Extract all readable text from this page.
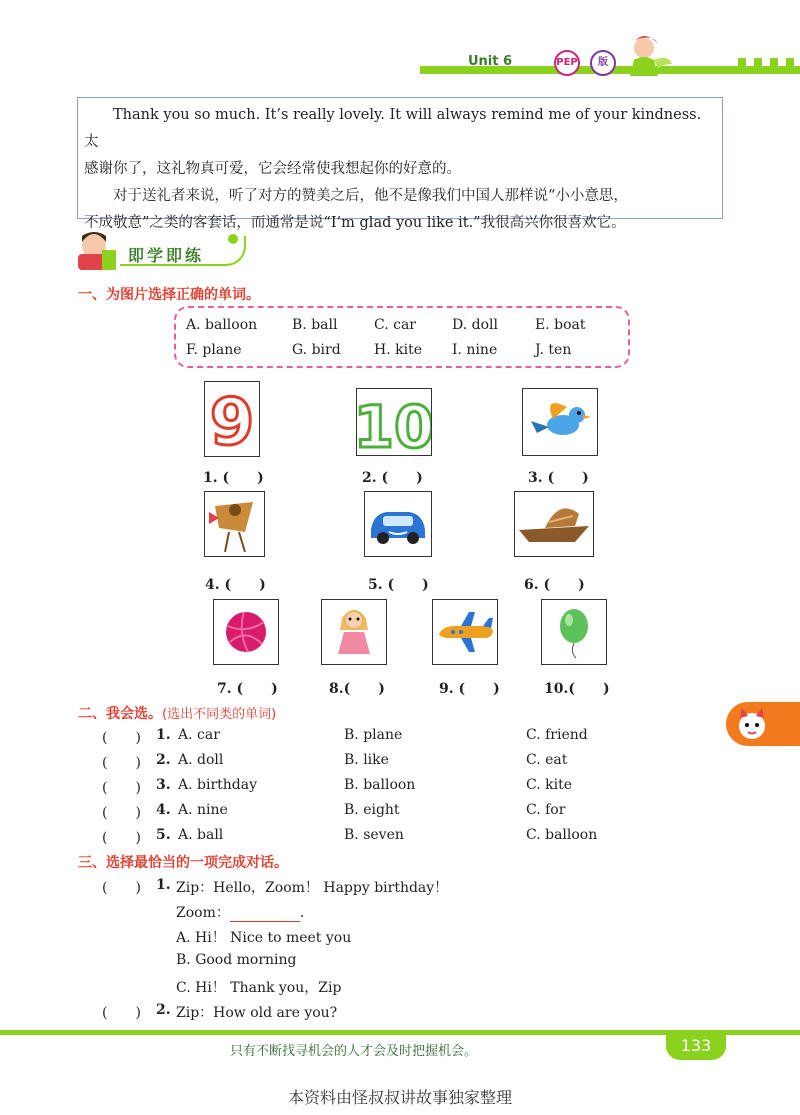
Unit 6	PEP	版

Thank you so much. It’s really lovely. It will always remind me of your kindness. 太

感谢你了，这礼物真可爱，它会经常使我想起你的好意的。

对于送礼者来说，听了对方的赞美之后，他不是像我们中国人那样说“小小意思，

不成敬意”之类的客套话，而通常是说“I’m glad you like it.”我很高兴你很喜欢它。

即学即练
一、为图片选择正确的单词。
A. balloon B. ball	C. car	D. doll	E. boat
F. plane	G. bird H. kite I. nine	J. ten
9 10
1. (　　)	2. (　　)	3. (　　)
4. (　　)	5. (　　)	6. (　　)
7. (　　)	8.(　　)	9. (　　)	10.(　　)
二、我会选。(选出不同类的单词)
(　　) 1. A. car	B. plane	C. friend
(　　) 2. A. doll	B. like	C. eat
(　　) 3. A. birthday	B. balloon	C. kite
(　　) 4. A. nine	B. eight	C. for
(　　) 5. A. ball	B. seven	C. balloon
三、选择最恰当的一项完成对话。
(　　) 1. Zip：Hello，Zoom！ Happy birthday！
Zoom：	.
A. Hi！ Nice to meet you
B. Good morning
C. Hi！ Thank you，Zip
(　　) 2. Zip：How old are you?
只有不断找寻机会的人才会及时把握机会。	133
本资料由怪叔叔讲故事独家整理
